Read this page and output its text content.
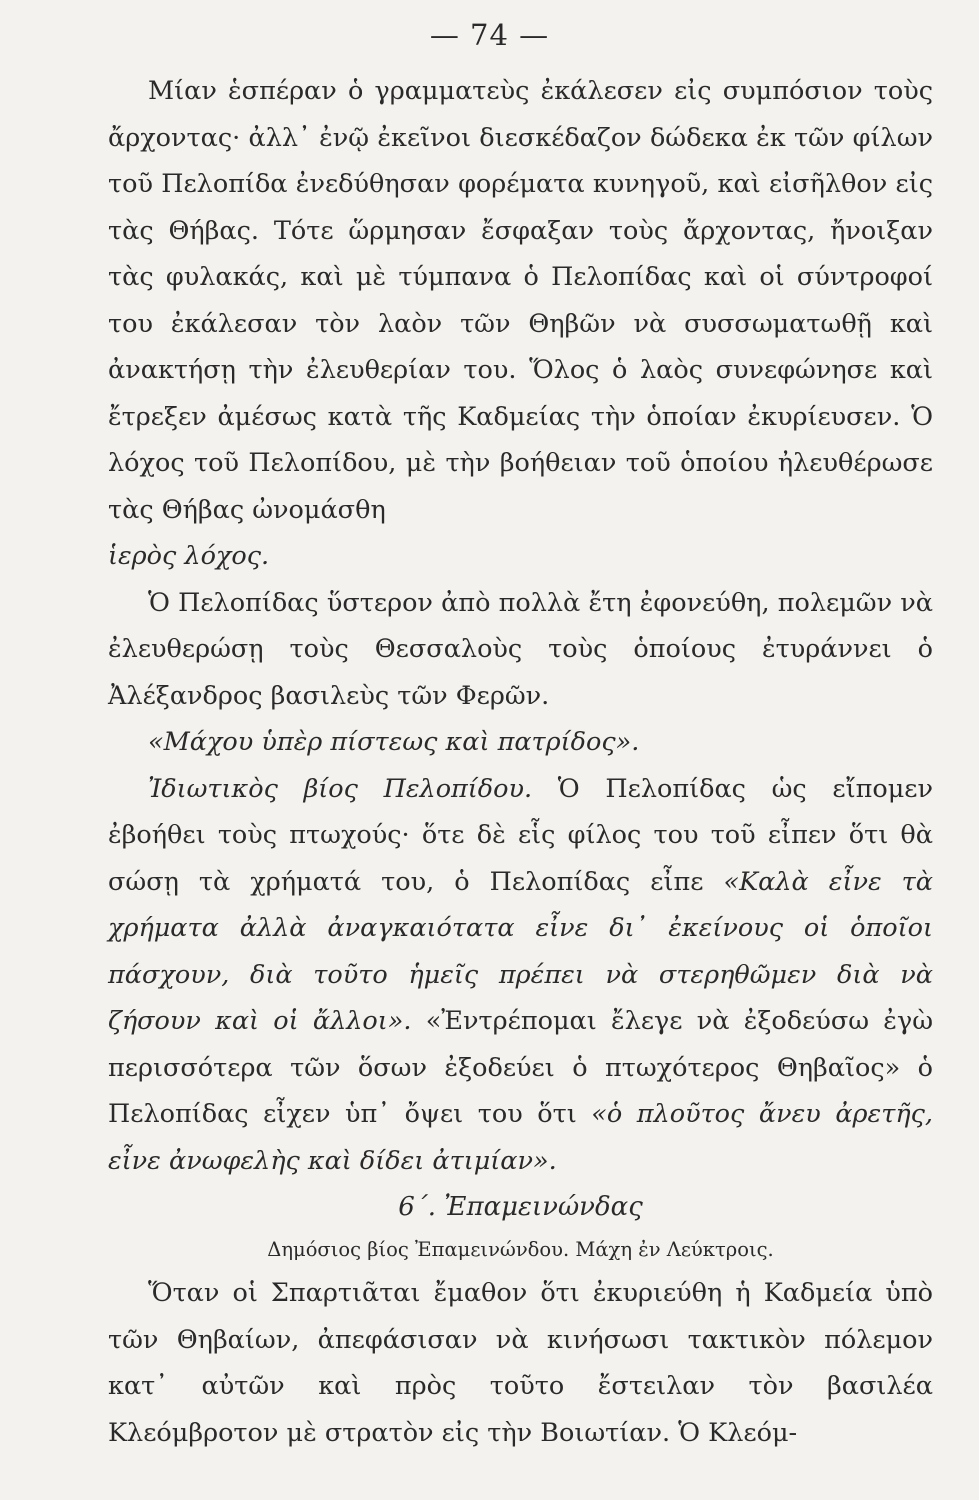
— 74 —

Μίαν ἑσπέραν ὁ γραμματεὺς ἐκάλεσεν εἰς συμπόσιον τοὺς ἄρχοντας· ἀλλ᾽ ἐνῷ ἐκεῖνοι διεσκέδαζον δώδεκα ἐκ τῶν φίλων τοῦ Πελοπίδα ἐνεδύθησαν φορέματα κυνηγοῦ, καὶ εἰσῆλθον εἰς τὰς Θήβας. Τότε ὥρμησαν ἔσφαξαν τοὺς ἄρχοντας, ἤνοιξαν τὰς φυλακάς, καὶ μὲ τύμπανα ὁ Πελοπίδας καὶ οἱ σύντροφοί του ἐκάλεσαν τὸν λαὸν τῶν Θηβῶν νὰ συσσωματωθῇ καὶ ἀνακτήσῃ τὴν ἐλευθερίαν του. Ὅλος ὁ λαὸς συνεφώνησε καὶ ἔτρεξεν ἀμέσως κατὰ τῆς Καδμείας τὴν ὁποίαν ἐκυρίευσεν. Ὁ λόχος τοῦ Πελοπίδου, μὲ τὴν βοήθειαν τοῦ ὁποίου ἠλευθέρωσε τὰς Θήβας ὠνομάσθη
ἱερὸς λόχος.

Ὁ Πελοπίδας ὕστερον ἀπὸ πολλὰ ἔτη ἐφονεύθη, πολεμῶν νὰ ἐλευθερώσῃ τοὺς Θεσσαλοὺς τοὺς ὁποίους ἐτυράννει ὁ Ἀλέξανδρος βασιλεὺς τῶν Φερῶν.

«Μάχου ὑπὲρ πίστεως καὶ πατρίδος».

Ἰδιωτικὸς βίος Πελοπίδου. Ὁ Πελοπίδας ὡς εἴπομεν ἐβοήθει τοὺς πτωχούς· ὅτε δὲ εἷς φίλος του τοῦ εἶπεν ὅτι θὰ σώσῃ τὰ χρήματά του, ὁ Πελοπίδας εἶπε «Καλὰ εἶνε τὰ χρήματα ἀλλὰ ἀναγκαιότατα εἶνε δι᾽ ἐκείνους οἱ ὁποῖοι πάσχουν, διὰ τοῦτο ἡμεῖς πρέπει νὰ στερηθῶμεν διὰ νὰ ζήσουν καὶ οἱ ἄλλοι». «Ἐντρέπομαι ἔλεγε νὰ ἐξοδεύσω ἐγὼ περισσότερα τῶν ὅσων ἐξοδεύει ὁ πτωχότερος Θηβαῖος» ὁ Πελοπίδας εἶχεν ὑπ᾽ ὄψει του ὅτι «ὁ πλοῦτος ἄνευ ἀρετῆς, εἶνε ἀνωφελὴς καὶ δίδει ἀτιμίαν».

6΄. Ἐπαμεινώνδας

Δημόσιος βίος Ἐπαμεινώνδου. Μάχη ἐν Λεύκτροις.

Ὅταν οἱ Σπαρτιᾶται ἔμαθον ὅτι ἐκυριεύθη ἡ Καδμεία ὑπὸ τῶν Θηβαίων, ἀπεφάσισαν νὰ κινήσωσι τακτικὸν πόλεμον κατ᾽ αὐτῶν καὶ πρὸς τοῦτο ἔστειλαν τὸν βασιλέα Κλεόμβροτον μὲ στρατὸν εἰς τὴν Βοιωτίαν. Ὁ Κλεόμ-
